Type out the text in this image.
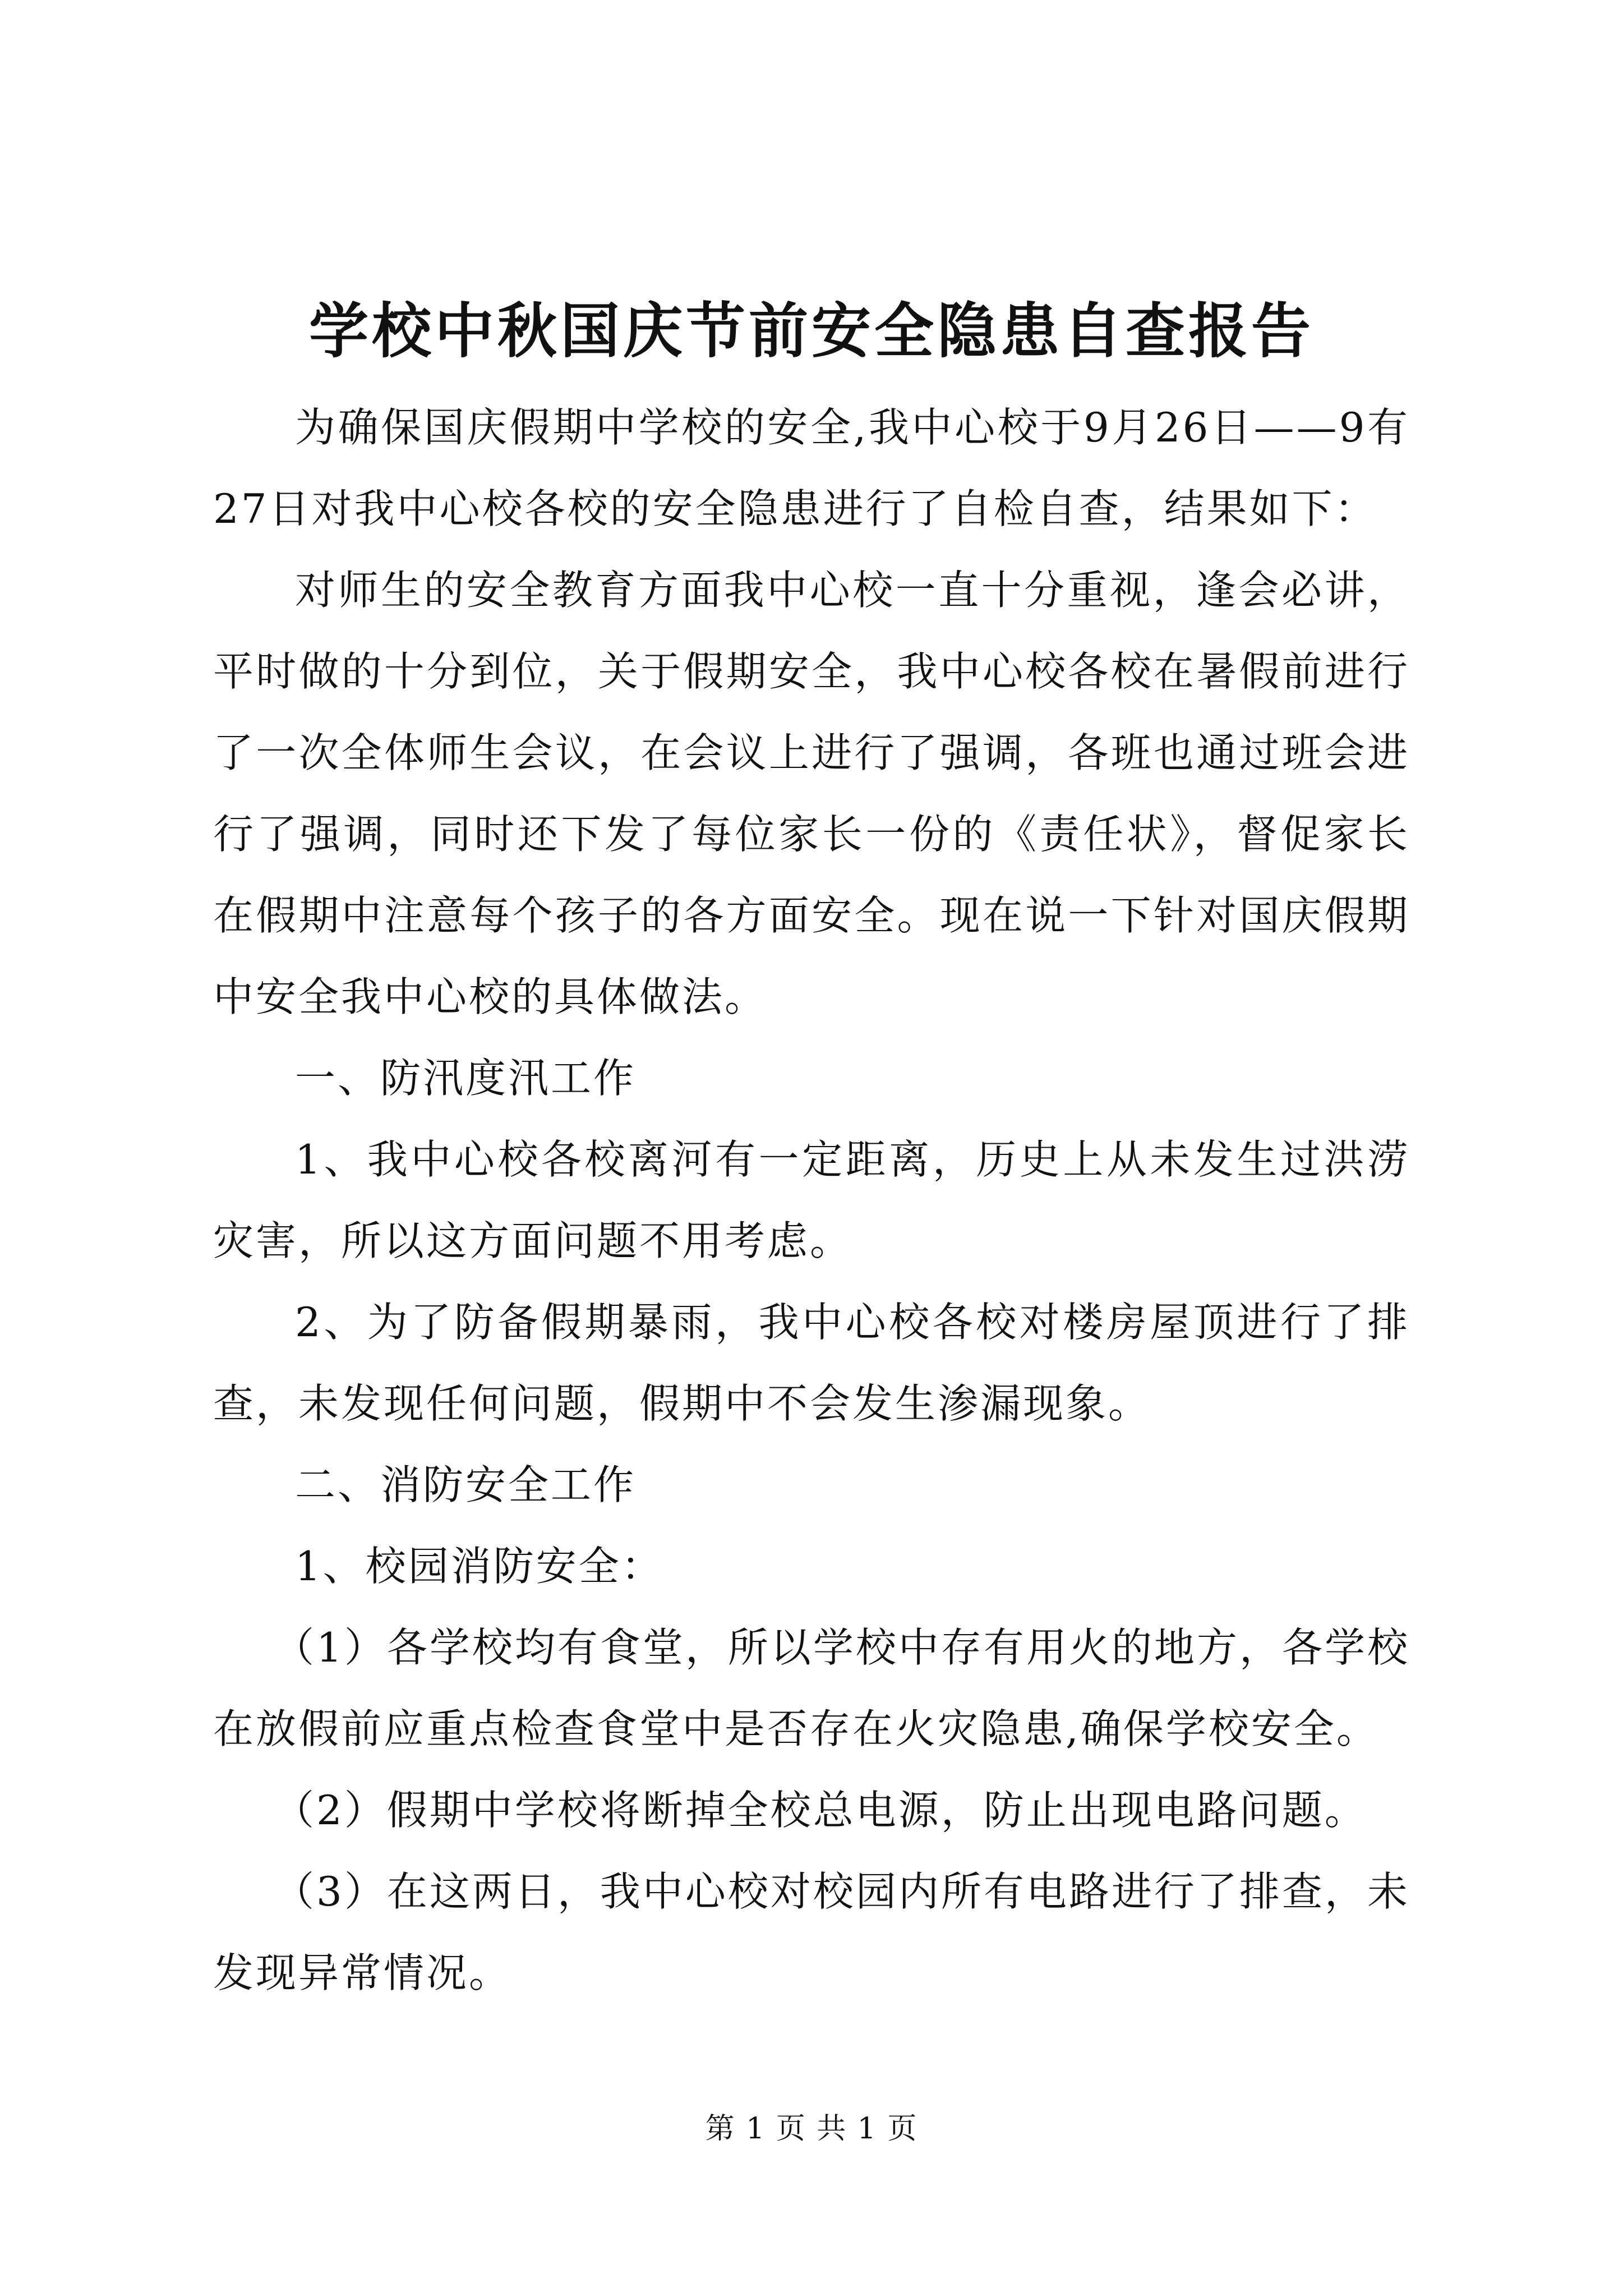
学校中秋国庆节前安全隐患自查报告

为确保国庆假期中学校的安全,我中心校于9月26日——9有27日对我中心校各校的安全隐患进行了自检自查，结果如下：

对师生的安全教育方面我中心校一直十分重视，逢会必讲，平时做的十分到位，关于假期安全，我中心校各校在暑假前进行了一次全体师生会议，在会议上进行了强调，各班也通过班会进行了强调，同时还下发了每位家长一份的《责任状》，督促家长在假期中注意每个孩子的各方面安全。现在说一下针对国庆假期中安全我中心校的具体做法。

一、防汛度汛工作

1、我中心校各校离河有一定距离，历史上从未发生过洪涝灾害，所以这方面问题不用考虑。

2、为了防备假期暴雨，我中心校各校对楼房屋顶进行了排查，未发现任何问题，假期中不会发生渗漏现象。

二、消防安全工作

1、校园消防安全：

（1）各学校均有食堂，所以学校中存有用火的地方，各学校在放假前应重点检查食堂中是否存在火灾隐患,确保学校安全。

（2）假期中学校将断掉全校总电源，防止出现电路问题。

（3）在这两日，我中心校对校园内所有电路进行了排查，未发现异常情况。

第 1 页 共 1 页
